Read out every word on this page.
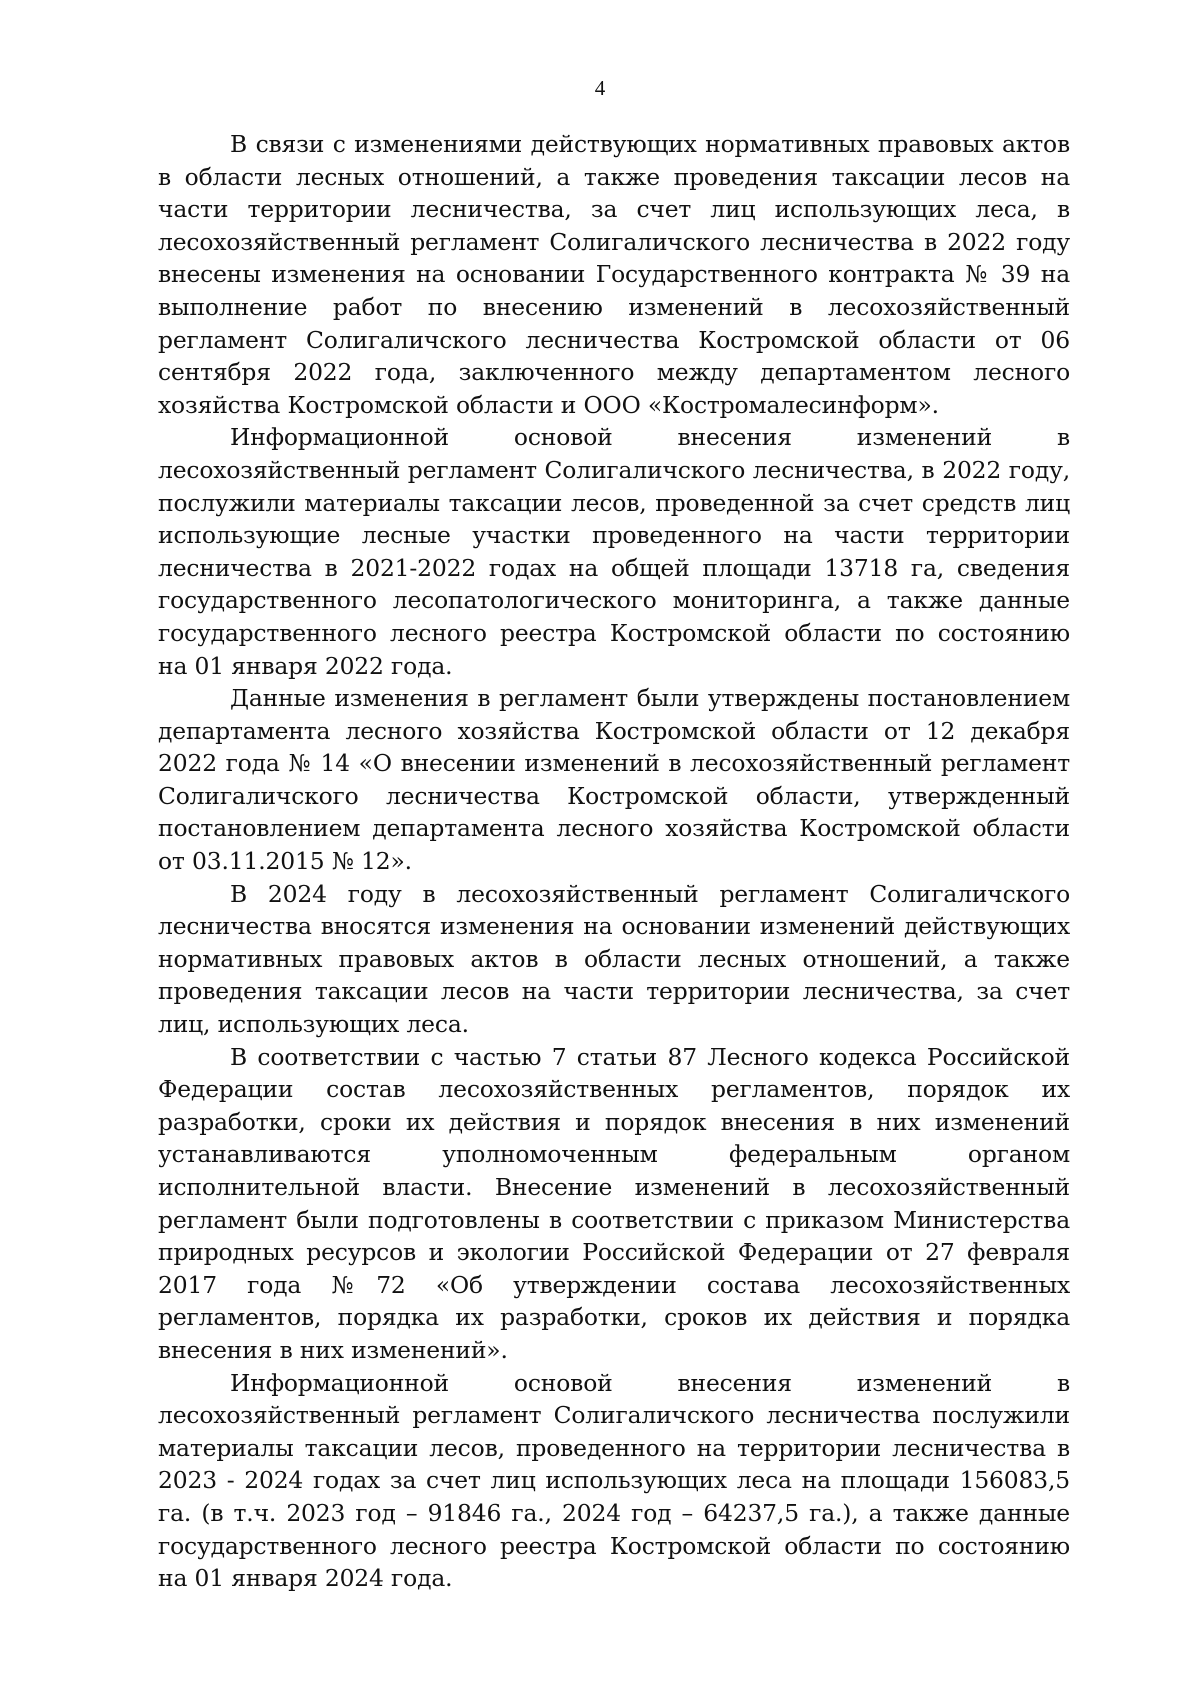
4

В связи с изменениями действующих нормативных правовых актов в области лесных отношений, а также проведения таксации лесов на части территории лесничества, за счет лиц использующих леса, в лесохозяйственный регламент Солигаличского лесничества в 2022 году внесены изменения на основании Государственного контракта № 39 на выполнение работ по внесению изменений в лесохозяйственный регламент Солигаличского лесничества Костромской области от 06 сентября 2022 года, заключенного между департаментом лесного хозяйства Костромской области и ООО «Костромалесинформ».

Информационной основой внесения изменений в лесохозяйственный регламент Солигаличского лесничества, в 2022 году, послужили материалы таксации лесов, проведенной за счет средств лиц использующие лесные участки проведенного на части территории лесничества в 2021-2022 годах на общей площади 13718 га, сведения государственного лесопатологического мониторинга, а также данные государственного лесного реестра Костромской области по состоянию на 01 января 2022 года.

Данные изменения в регламент были утверждены постановлением департамента лесного хозяйства Костромской области от 12 декабря 2022 года № 14 «О внесении изменений в лесохозяйственный регламент Солигаличского лесничества Костромской области, утвержденный постановлением департамента лесного хозяйства Костромской области от 03.11.2015 № 12».

В 2024 году в лесохозяйственный регламент Солигаличского лесничества вносятся изменения на основании изменений действующих нормативных правовых актов в области лесных отношений, а также проведения таксации лесов на части территории лесничества, за счет лиц, использующих леса.

В соответствии с частью 7 статьи 87 Лесного кодекса Российской Федерации состав лесохозяйственных регламентов, порядок их разработки, сроки их действия и порядок внесения в них изменений устанавливаются уполномоченным федеральным органом исполнительной власти. Внесение изменений в лесохозяйственный регламент были подготовлены в соответствии с приказом Министерства природных ресурсов и экологии Российской Федерации от 27 февраля 2017 года №72 «Об утверждении состава лесохозяйственных регламентов, порядка их разработки, сроков их действия и порядка внесения в них изменений».

Информационной основой внесения изменений в лесохозяйственный регламент Солигаличского лесничества послужили материалы таксации лесов, проведенного на территории лесничества в 2023 - 2024 годах за счет лиц использующих леса на площади 156083,5 га. (в т.ч. 2023 год – 91846 га., 2024 год – 64237,5 га.), а также данные государственного лесного реестра Костромской области по состоянию на 01 января 2024 года.
